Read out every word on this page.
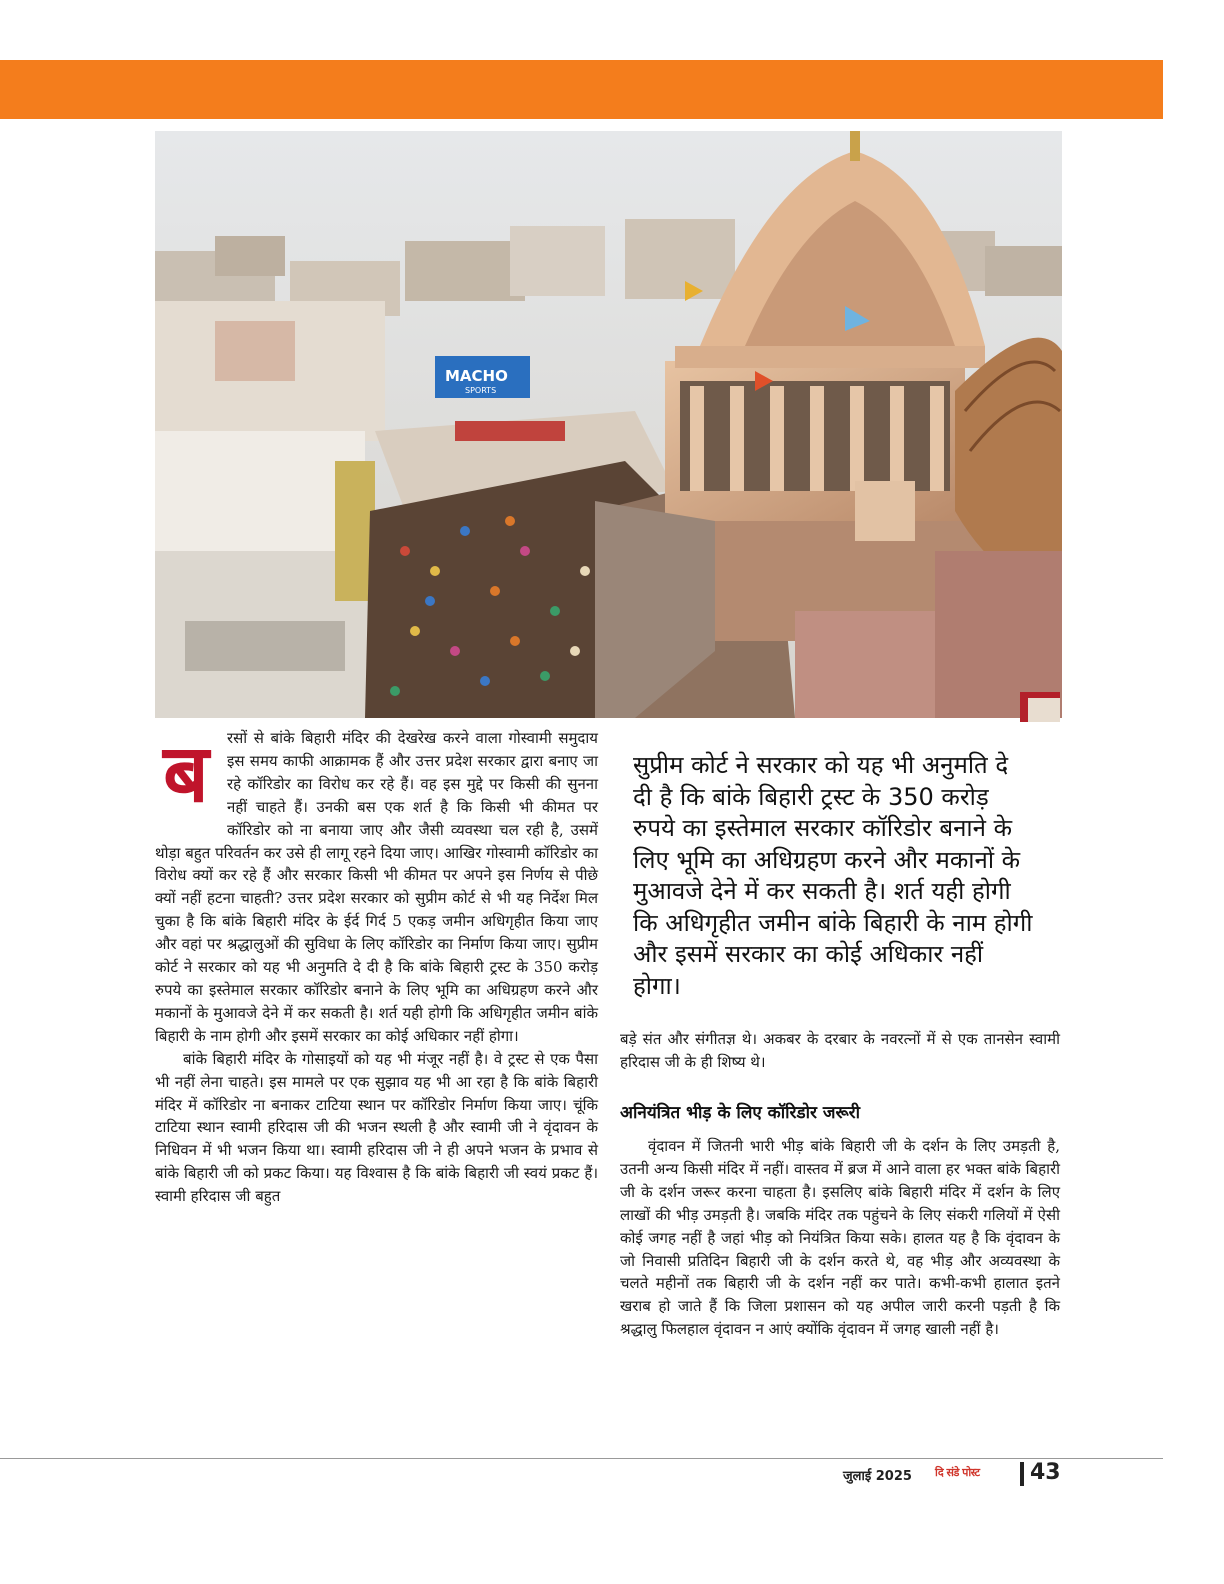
MACHO
SPORTS
ब	रसों से बांके बिहारी मंदिर की देखरेख करने वाला गोस्वामी समुदाय इस समय काफी आक्रामक हैं और उत्तर प्रदेश सरकार द्वारा बनाए जा रहे कॉरिडोर का विरोध कर रहे हैं। वह इस मुद्दे पर किसी की सुनना नहीं चाहते हैं। उनकी बस एक शर्त है कि किसी भी कीमत पर कॉरिडोर को ना बनाया जाए और जैसी व्यवस्था चल रही है, उसमें थोड़ा बहुत परिवर्तन कर उसे ही लागू रहने दिया जाए। आखिर गोस्वामी कॉरिडोर का विरोध क्यों कर रहे हैं और सरकार किसी भी कीमत पर अपने इस निर्णय से पीछे क्यों नहीं हटना चाहती? उत्तर प्रदेश सरकार को सुप्रीम कोर्ट से भी यह निर्देश मिल चुका है कि बांके बिहारी मंदिर के ईर्द गिर्द 5 एकड़ जमीन अधिगृहीत किया जाए और वहां पर श्रद्धालुओं की सुविधा के लिए कॉरिडोर का निर्माण किया जाए। सुप्रीम कोर्ट ने सरकार को यह भी अनुमति दे दी है कि बांके बिहारी ट्रस्ट के 350 करोड़ रुपये का इस्तेमाल सरकार कॉरिडोर बनाने के लिए भूमि का अधिग्रहण करने और मकानों के मुआवजे देने में कर सकती है। शर्त यही होगी कि अधिगृहीत जमीन बांके बिहारी के नाम होगी और इसमें सरकार का कोई अधिकार नहीं होगा।

बांके बिहारी मंदिर के गोसाइयों को यह भी मंजूर नहीं है। वे ट्रस्ट से एक पैसा भी नहीं लेना चाहते। इस मामले पर एक सुझाव यह भी आ रहा है कि बांके बिहारी मंदिर में कॉरिडोर ना बनाकर टाटिया स्थान पर कॉरिडोर निर्माण किया जाए। चूंकि टाटिया स्थान स्वामी हरिदास जी की भजन स्थली है और स्वामी जी ने वृंदावन के निधिवन में भी भजन किया था। स्वामी हरिदास जी ने ही अपने भजन के प्रभाव से बांके बिहारी जी को प्रकट किया। यह विश्वास है कि बांके बिहारी जी स्वयं प्रकट हैं। स्वामी हरिदास जी बहुत

सुप्रीम कोर्ट ने सरकार को यह भी अनुमति दे दी है कि बांके बिहारी ट्रस्ट के 350 करोड़ रुपये का इस्तेमाल सरकार कॉरिडोर बनाने के लिए भूमि का अधिग्रहण करने और मकानों के मुआवजे देने में कर सकती है। शर्त यही होगी कि अधिगृहीत जमीन बांके बिहारी के नाम होगी और इसमें सरकार का कोई अधिकार नहीं होगा।

बड़े संत और संगीतज्ञ थे। अकबर के दरबार के नवरत्नों में से एक तानसेन स्वामी हरिदास जी के ही शिष्य थे।

अनियंत्रित भीड़ के लिए कॉरिडोर जरूरी

वृंदावन में जितनी भारी भीड़ बांके बिहारी जी के दर्शन के लिए उमड़ती है, उतनी अन्य किसी मंदिर में नहीं। वास्तव में ब्रज में आने वाला हर भक्त बांके बिहारी जी के दर्शन जरूर करना चाहता है। इसलिए बांके बिहारी मंदिर में दर्शन के लिए लाखों की भीड़ उमड़ती है। जबकि मंदिर तक पहुंचने के लिए संकरी गलियों में ऐसी कोई जगह नहीं है जहां भीड़ को नियंत्रित किया सके। हालत यह है कि वृंदावन के जो निवासी प्रतिदिन बिहारी जी के दर्शन करते थे, वह भीड़ और अव्यवस्था के चलते महीनों तक बिहारी जी के दर्शन नहीं कर पाते। कभी-कभी हालात इतने खराब हो जाते हैं कि जिला प्रशासन को यह अपील जारी करनी पड़ती है कि श्रद्धालु फिलहाल वृंदावन न आएं क्योंकि वृंदावन में जगह खाली नहीं है।

जुलाई 2025 दि संडे पोस्ट 43
